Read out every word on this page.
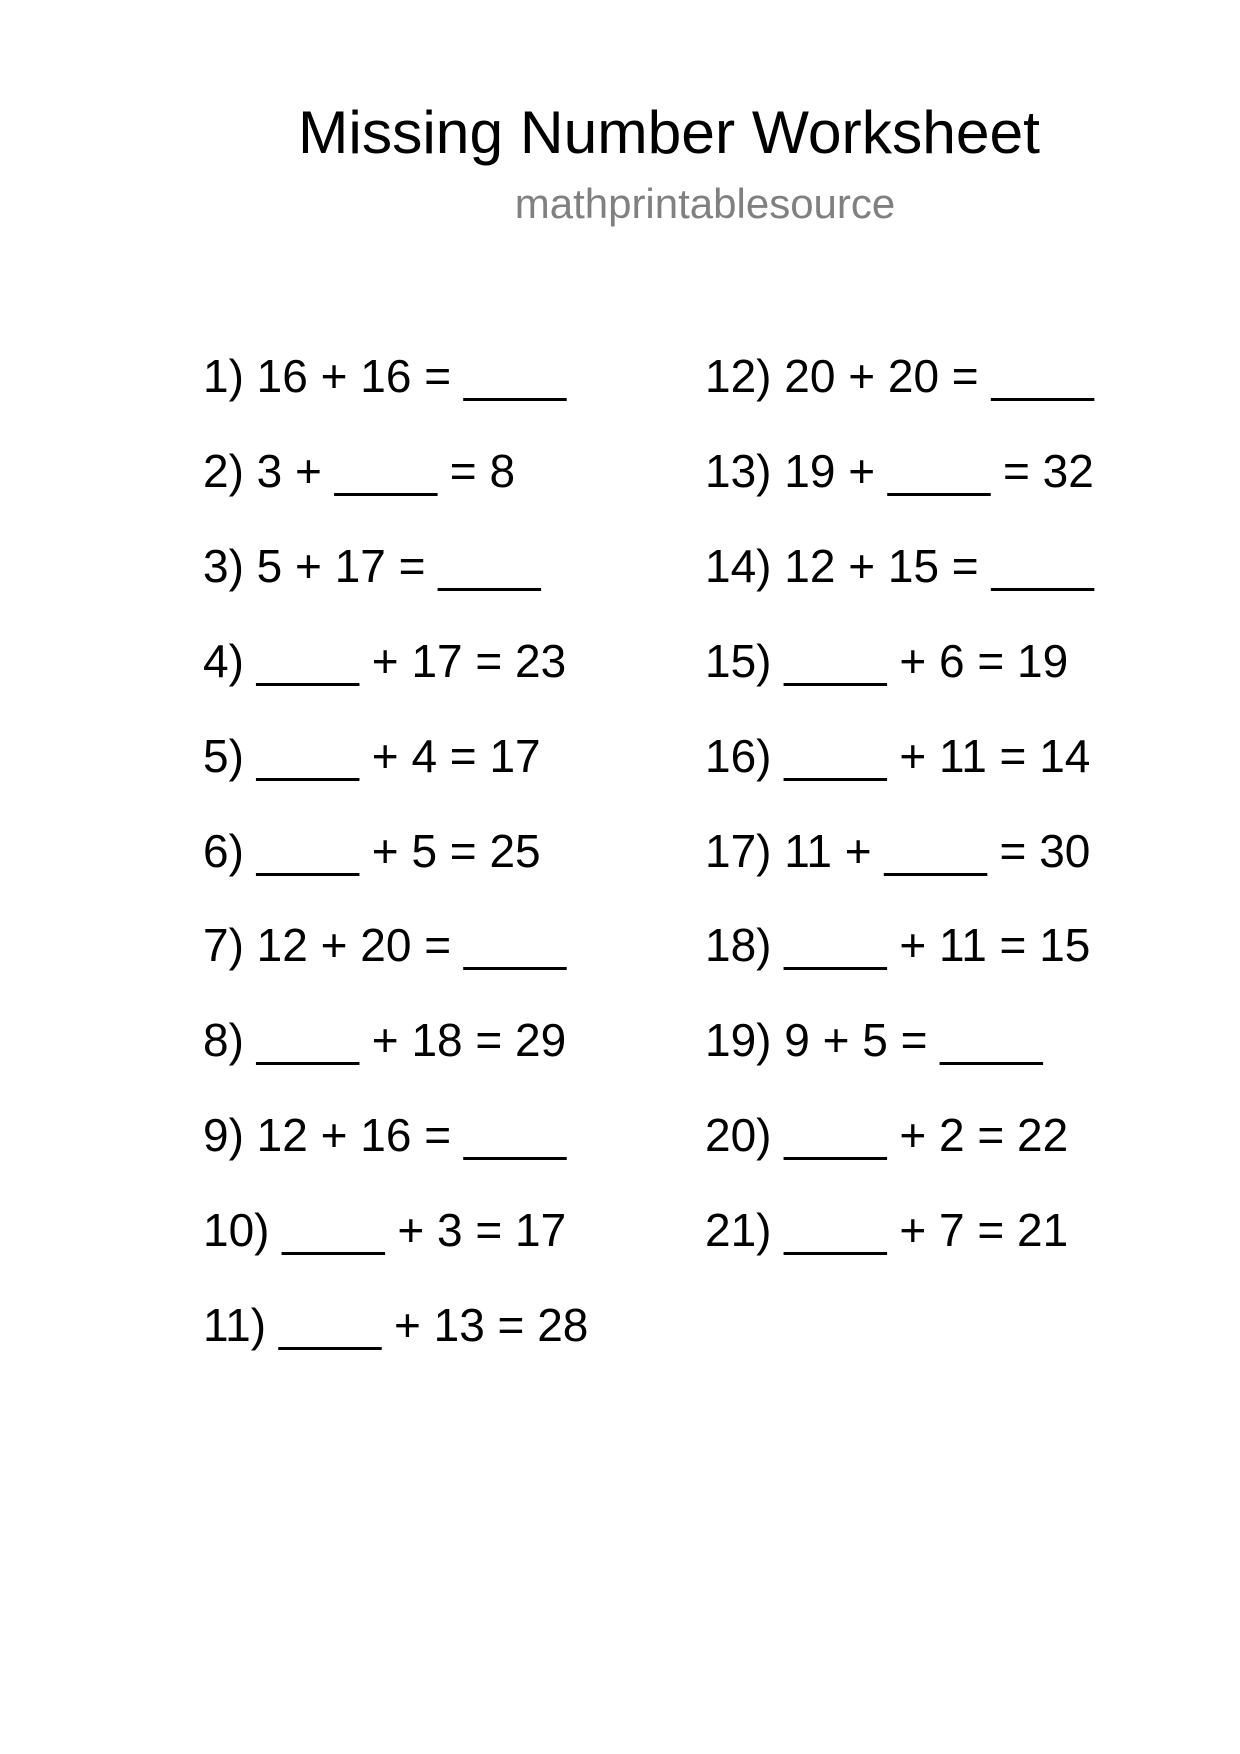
Missing Number Worksheet
mathprintablesource
1) 16 + 16 = ____
2) 3 + ____ = 8
3) 5 + 17 = ____
4) ____ + 17 = 23
5) ____ + 4 = 17
6) ____ + 5 = 25
7) 12 + 20 = ____
8) ____ + 18 = 29
9) 12 + 16 = ____
10) ____ + 3 = 17
11) ____ + 13 = 28
12) 20 + 20 = ____
13) 19 + ____ = 32
14) 12 + 15 = ____
15) ____ + 6 = 19
16) ____ + 11 = 14
17) 11 + ____ = 30
18) ____ + 11 = 15
19) 9 + 5 = ____
20) ____ + 2 = 22
21) ____ + 7 = 21
